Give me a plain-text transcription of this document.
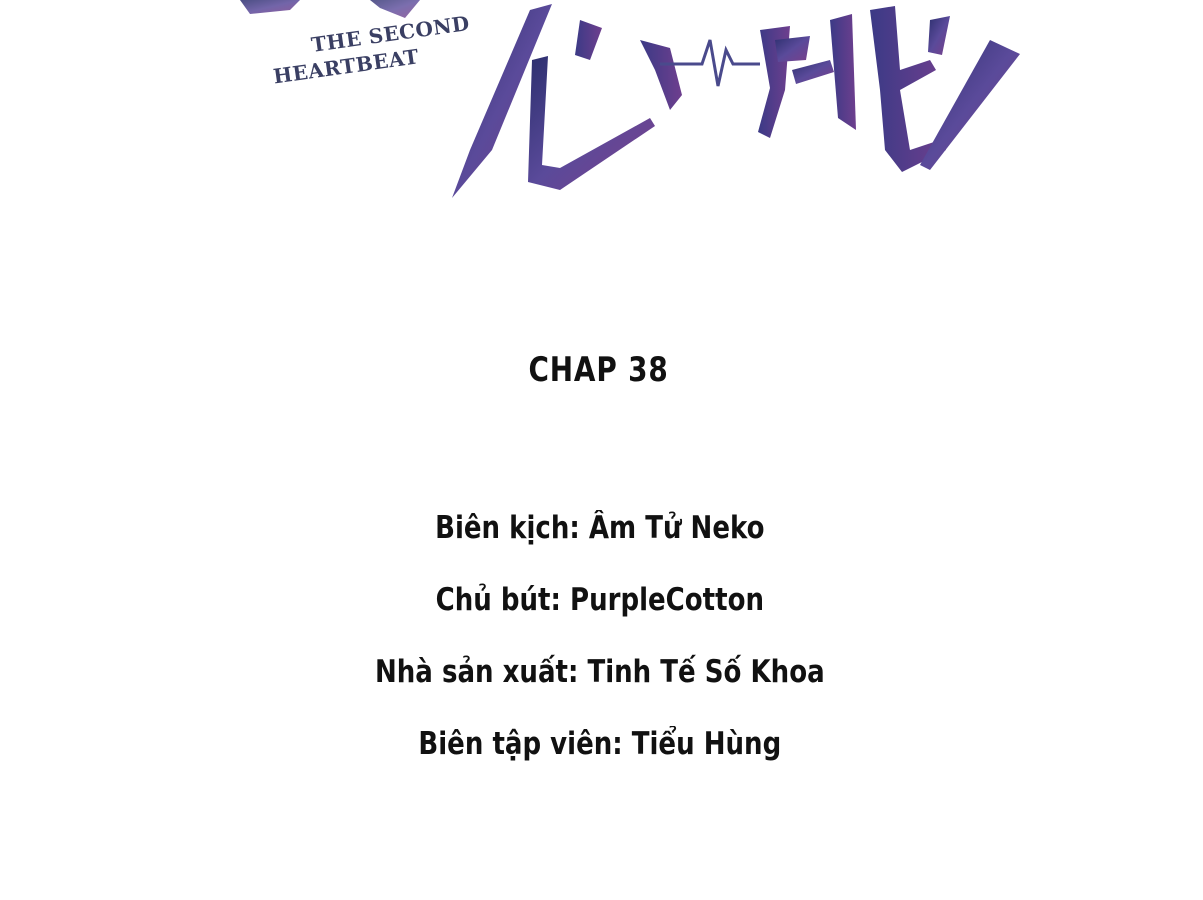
THE SECOND
HEARTBEAT
CHAP 38
Biên kịch: Âm Tử Neko
Chủ bút: PurpleCotton
Nhà sản xuất: Tinh Tế Số Khoa
Biên tập viên: Tiểu Hùng
